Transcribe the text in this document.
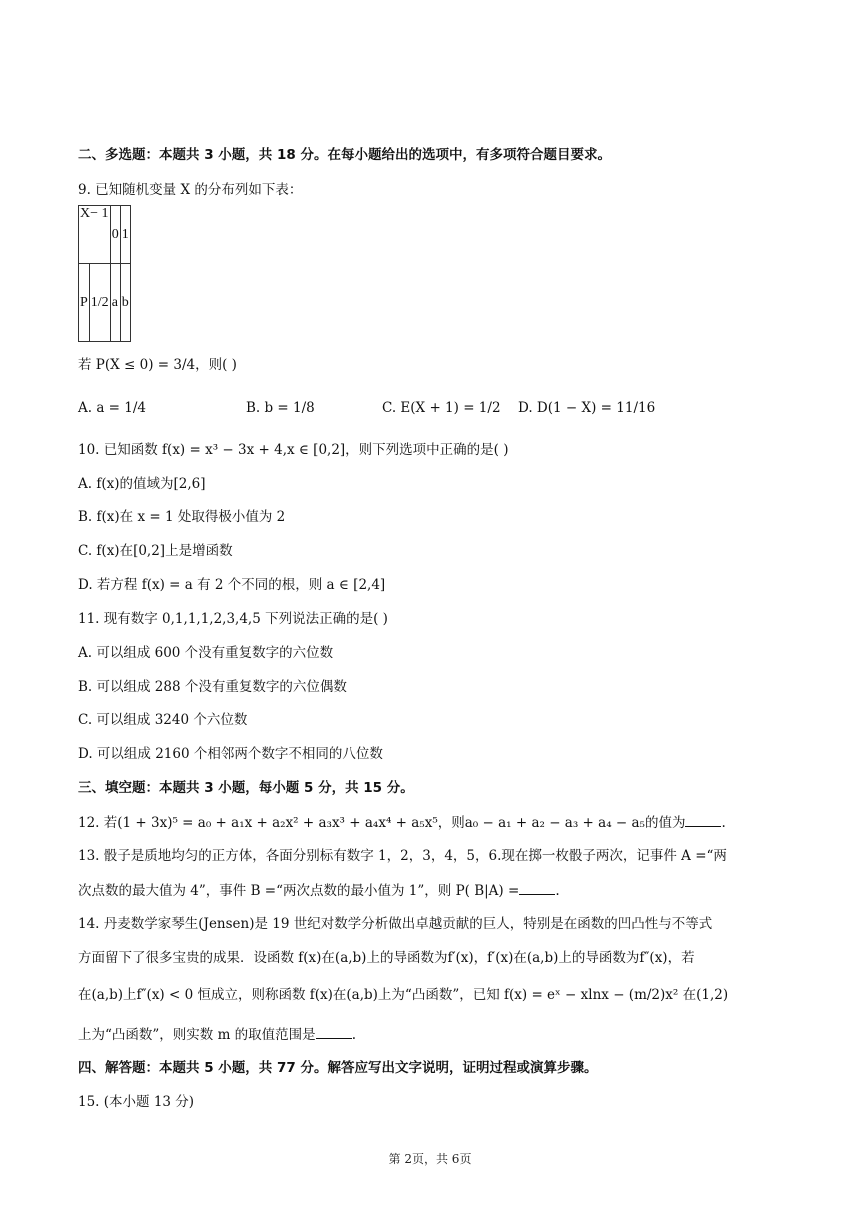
二、多选题：本题共 3 小题，共 18 分。在每小题给出的选项中，有多项符合题目要求。
9. 已知随机变量 X 的分布列如下表：
X− 1		0	1
P	1/2	a	b
若 P(X ≤ 0) = 3/4，则( )
A. a = 1/4	B. b = 1/8	C. E(X + 1) = 1/2 D. D(1 − X) = 11/16
10. 已知函数 f(x) = x³ − 3x + 4,x ∈ [0,2]，则下列选项中正确的是( )
A. f(x)的值域为[2,6]
B. f(x)在 x = 1 处取得极小值为 2
C. f(x)在[0,2]上是增函数
D. 若方程 f(x) = a 有 2 个不同的根，则 a ∈ [2,4]
11. 现有数字 0,1,1,1,2,3,4,5 下列说法正确的是( )
A. 可以组成 600 个没有重复数字的六位数
B. 可以组成 288 个没有重复数字的六位偶数
C. 可以组成 3240 个六位数
D. 可以组成 2160 个相邻两个数字不相同的八位数
三、填空题：本题共 3 小题，每小题 5 分，共 15 分。
12. 若(1 + 3x)⁵ = a₀ + a₁x + a₂x² + a₃x³ + a₄x⁴ + a₅x⁵，则a₀ − a₁ + a₂ − a₃ + a₄ − a₅的值为	.
13. 骰子是质地均匀的正方体，各面分别标有数字 1，2，3，4，5，6.现在掷一枚骰子两次，记事件 A =“两
次点数的最大值为 4”，事件 B =“两次点数的最小值为 1”，则 P( B|A) =	.
14. 丹麦数学家琴生(Jensen)是 19 世纪对数学分析做出卓越贡献的巨人，特别是在函数的凹凸性与不等式
方面留下了很多宝贵的成果．设函数 f(x)在(a,b)上的导函数为f′(x)，f′(x)在(a,b)上的导函数为f″(x)，若
在(a,b)上f″(x) < 0 恒成立，则称函数 f(x)在(a,b)上为“凸函数”，已知 f(x) = eˣ − xlnx − (m/2)x² 在(1,2)
上为“凸函数”，则实数 m 的取值范围是	.
四、解答题：本题共 5 小题，共 77 分。解答应写出文字说明，证明过程或演算步骤。
15. (本小题 13 分)
第 2页，共 6页
